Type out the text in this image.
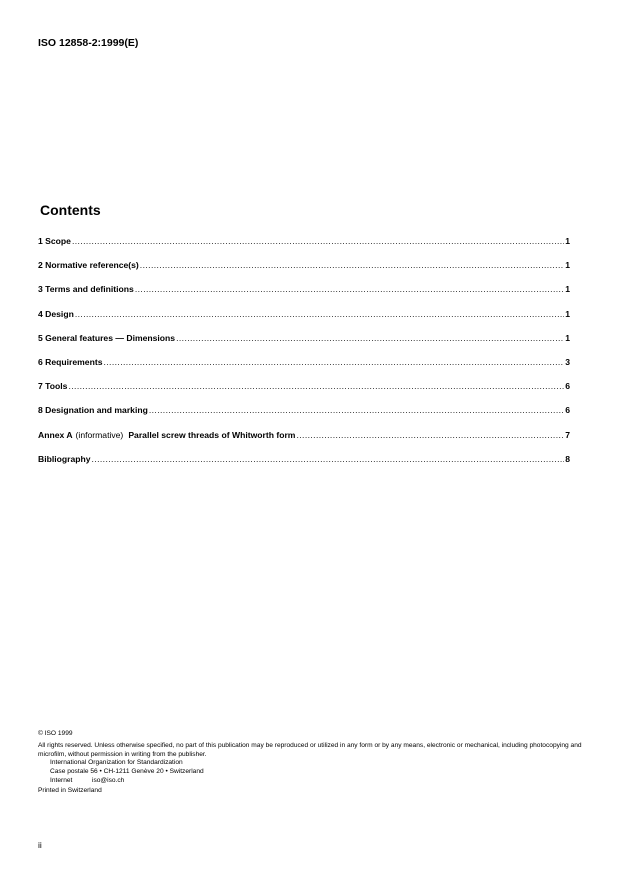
ISO 12858-2:1999(E)
Contents
1 Scope .....	1
2 Normative reference(s) .....	1
3 Terms and definitions .....	1
4 Design .....	1
5 General features — Dimensions .....	1
6 Requirements .....	3
7 Tools .....	6
8 Designation and marking .....	6
Annex A (informative) Parallel screw threads of Whitworth form .....	7
Bibliography .....	8
© ISO 1999
All rights reserved. Unless otherwise specified, no part of this publication may be reproduced or utilized in any form or by any means, electronic or mechanical, including photocopying and microfilm, without permission in writing from the publisher.
International Organization for Standardization
Case postale 56 • CH-1211 Genève 20 • Switzerland
Internet	iso@iso.ch
Printed in Switzerland
ii
